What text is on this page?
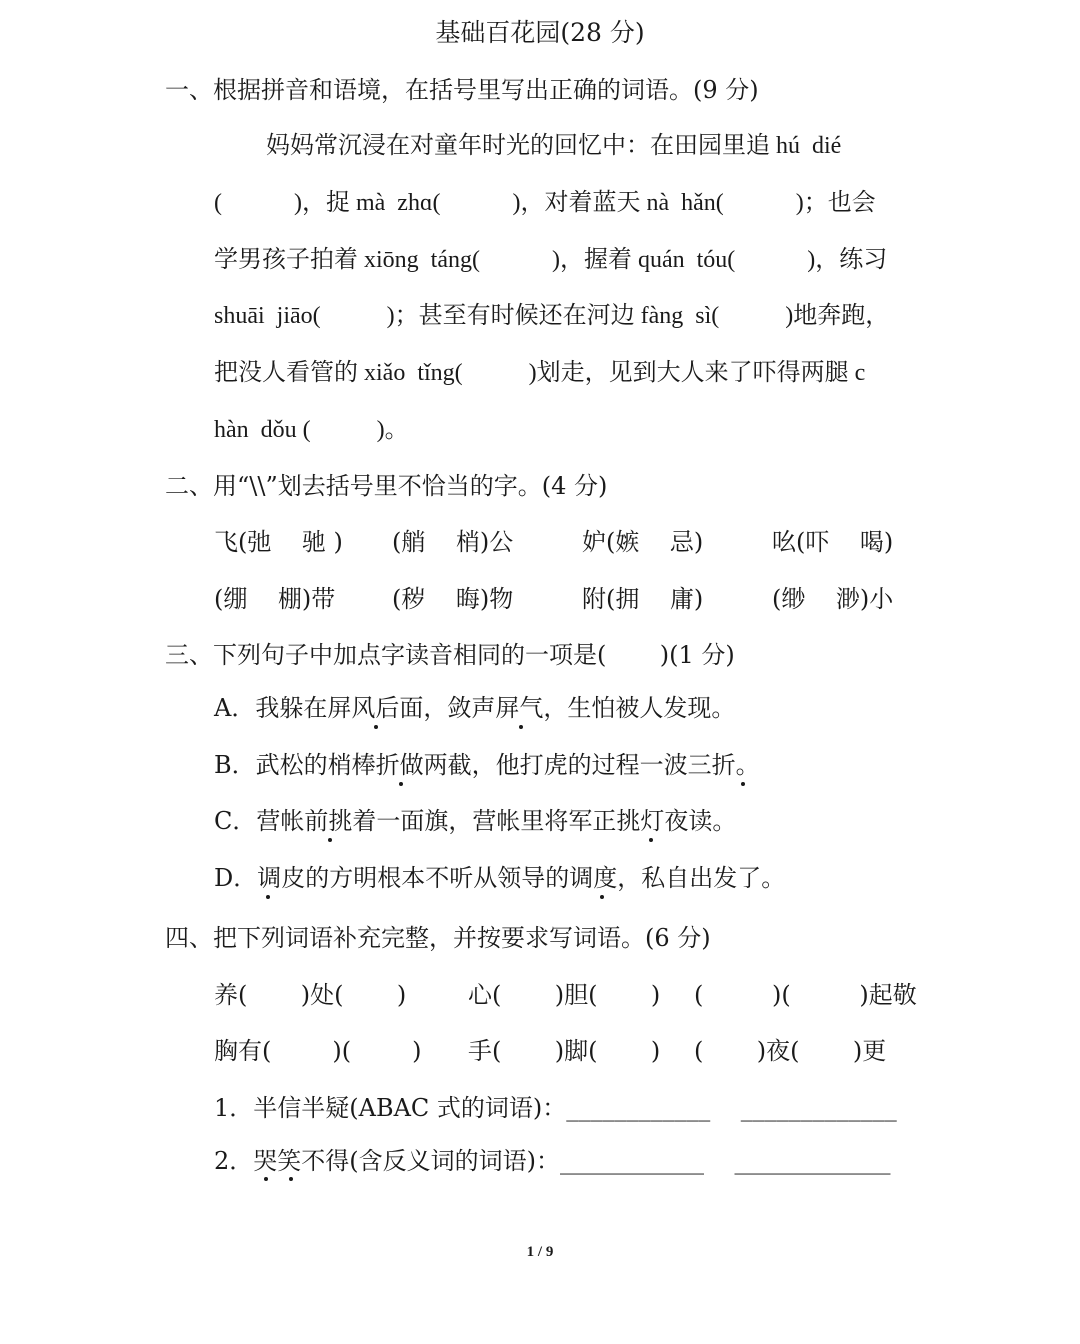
基础百花园(28 分)
一、根据拼音和语境，在括号里写出正确的词语。(9 分)
妈妈常沉浸在对童年时光的回忆中：在田园里追 hú  dié
(            )，捉 mà  zhɑ(            )，对着蓝天 nà  hǎn(            )；也会
学男孩子拍着 xiōng  táng(            )，握着 quán  tóu(            )，练习
shuāi  jiāo(           )；甚至有时候还在河边 fàng  sì(           )地奔跑，
把没人看管的 xiǎo  tǐng(           )划走，见到大人来了吓得两腿 c
hàn  dǒu (           )。
二、用“\\”划去括号里不恰当的字。(4 分)
飞(弛    驰 ) (艄    梢)公	妒(嫉    忌)	吆(吓    喝)
(绷    棚)带 (秽    晦)物	附(拥    庸)	(缈    渺)小
三、下列句子中加点字读音相同的一项是(       )(1 分)
A．我躲在屏风后面，敛声屏气，生怕被人发现。
B．武松的梢棒折做两截，他打虎的过程一波三折。
C．营帐前挑着一面旗，营帐里将军正挑灯夜读。
D．调皮的方明根本不听从领导的调度，私自出发了。
四、把下列词语补充完整，并按要求写词语。(6 分)
养(       )处(       )	心(       )胆(       ) (         )(         )起敬
胸有(        )(        ) 手(       )脚(       ) (       )夜(       )更
1．半信半疑(ABAC 式的词语)：____________    _____________
2．哭笑不得(含反义词的词语)：____________    _____________
1 / 9
